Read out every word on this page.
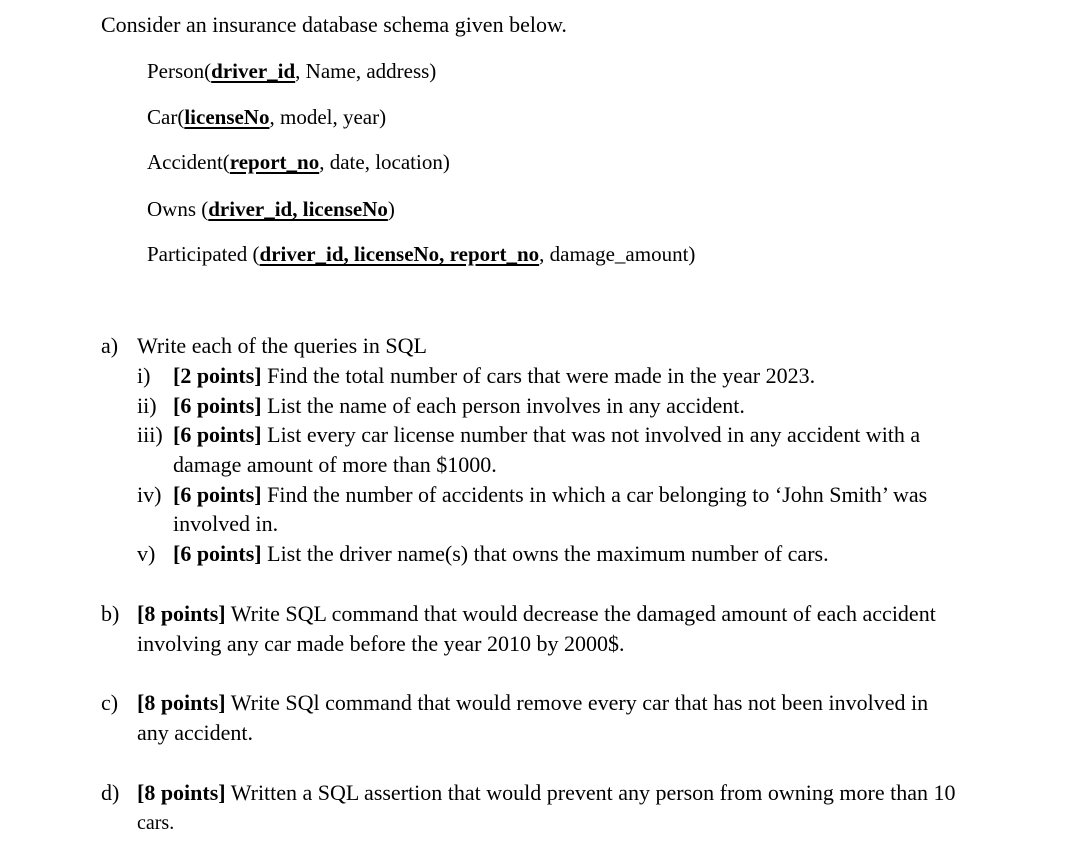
Consider an insurance database schema given below.
Person(driver_id, Name, address)
Car(licenseNo, model, year)
Accident(report_no, date, location)
Owns (driver_id, licenseNo)
Participated (driver_id, licenseNo, report_no, damage_amount)
a) Write each of the queries in SQL
i) [2 points] Find the total number of cars that were made in the year 2023.
ii) [6 points] List the name of each person involves in any accident.
iii) [6 points] List every car license number that was not involved in any accident with a
damage amount of more than $1000.
iv) [6 points] Find the number of accidents in which a car belonging to ‘John Smith’ was
involved in.
v) [6 points] List the driver name(s) that owns the maximum number of cars.
b) [8 points] Write SQL command that would decrease the damaged amount of each accident
involving any car made before the year 2010 by 2000$.
c) [8 points] Write SQl command that would remove every car that has not been involved in
any accident.
d) [8 points] Written a SQL assertion that would prevent any person from owning more than 10
cars.
